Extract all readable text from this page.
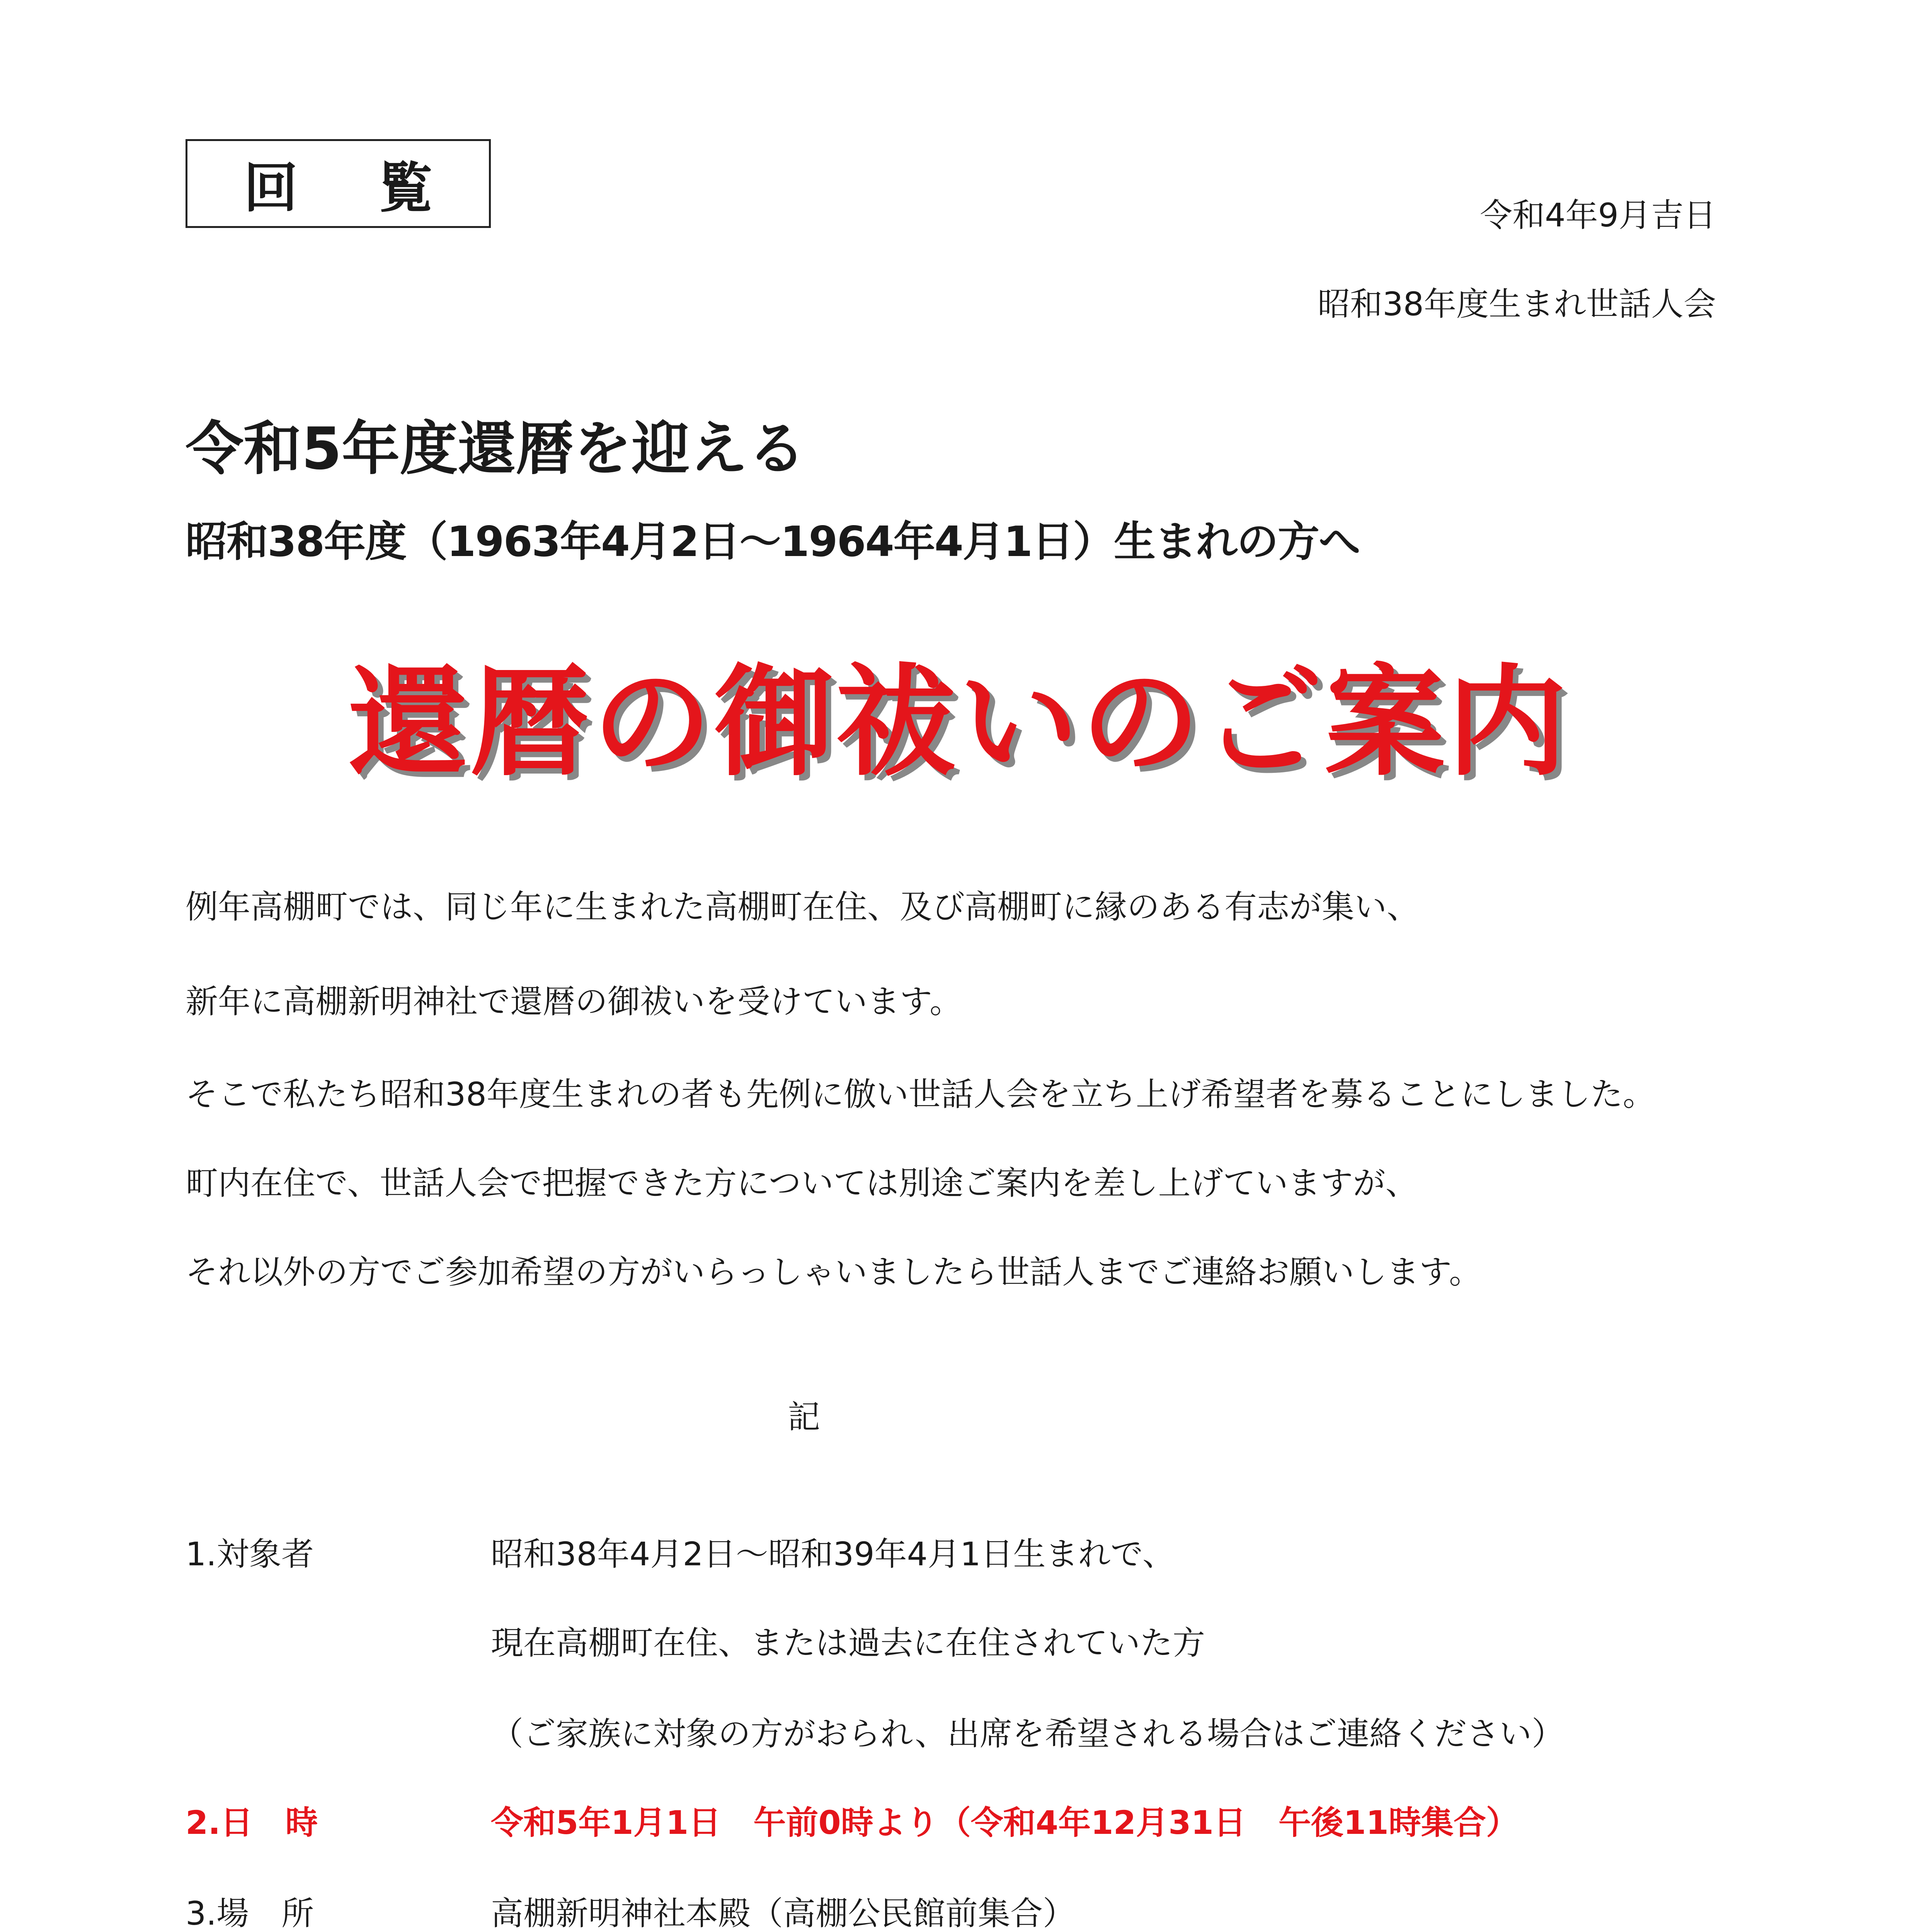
回 覧	令和4年9月吉日
昭和38年度生まれ世話人会
令和5年度還暦を迎える
昭和38年度（1963年4月2日～1964年4月1日）生まれの方へ
還暦の御祓いのご案内
例年高棚町では、同じ年に生まれた高棚町在住、及び高棚町に縁のある有志が集い、
新年に高棚新明神社で還暦の御祓いを受けています。
そこで私たち昭和38年度生まれの者も先例に倣い世話人会を立ち上げ希望者を募ることにしました。
町内在住で、世話人会で把握できた方については別途ご案内を差し上げていますが、
それ以外の方でご参加希望の方がいらっしゃいましたら世話人までご連絡お願いします。
記
1.対象者	昭和38年4月2日～昭和39年4月1日生まれで、
現在高棚町在住、または過去に在住されていた方
（ご家族に対象の方がおられ、出席を希望される場合はご連絡ください）
2.日　時	令和5年1月1日　午前0時より（令和4年12月31日　午後11時集合）
3.場　所	高棚新明神社本殿（高棚公民館前集合）
